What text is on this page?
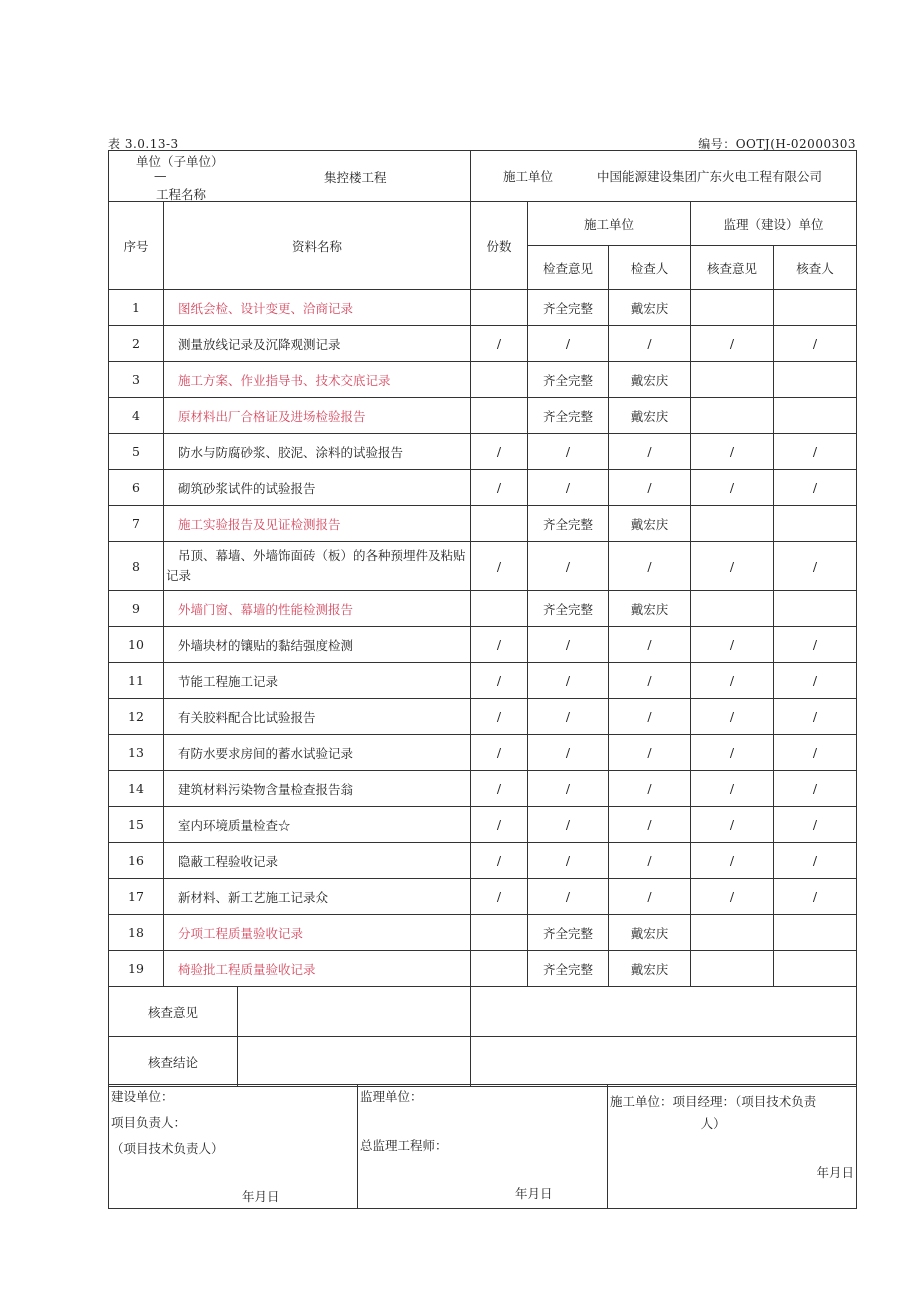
表 3.0.13-3	编号：OOTJ(H-02000303
单位（子单位）
—
工程名称
集控楼工程		施工单位 中国能源建设集团广东火电工程有限公司				
序号	资料名称	份数	施工单位		监理（建设）单位	
			检查意见	检查人	核查意见	核查人
1	图纸会检、设计变更、洽商记录		齐全完整	戴宏庆		
2	测量放线记录及沉降观测记录	/	/	/	/	/
3	施工方案、作业指导书、技术交底记录		齐全完整	戴宏庆		
4	原材料出厂合格证及进场检验报告		齐全完整	戴宏庆		
5	防水与防腐砂浆、胶泥、涂料的试验报告	/	/	/	/	/
6	砌筑砂浆试件的试验报告	/	/	/	/	/
7	施工实验报告及见证检测报告		齐全完整	戴宏庆		
8	吊顶、幕墙、外墙饰面砖（板）的各种预埋件及粘贴记录	/	/	/	/	/
9	外墙门窗、幕墙的性能检测报告		齐全完整	戴宏庆		
10	外墙块材的镶贴的黏结强度检测	/	/	/	/	/
11	节能工程施工记录	/	/	/	/	/
12	有关胶料配合比试验报告	/	/	/	/	/
13	有防水要求房间的蓄水试验记录	/	/	/	/	/
14	建筑材料污染物含量检查报告翁	/	/	/	/	/
15	室内环境质量检查☆	/	/	/	/	/
16	隐蔽工程验收记录	/	/	/	/	/
17	新材料、新工艺施工记录众	/	/	/	/	/
18	分项工程质量验收记录		齐全完整	戴宏庆		
19	椅验批工程质量验收记录		齐全完整	戴宏庆		

核查意见						

核查结论						

建设单位：
项目负责人：
（项目技术负责人）
年月日

监理单位：
总监理工程师：
年月日

施工单位：项目经理：（项目技术负责
人）
年月日
